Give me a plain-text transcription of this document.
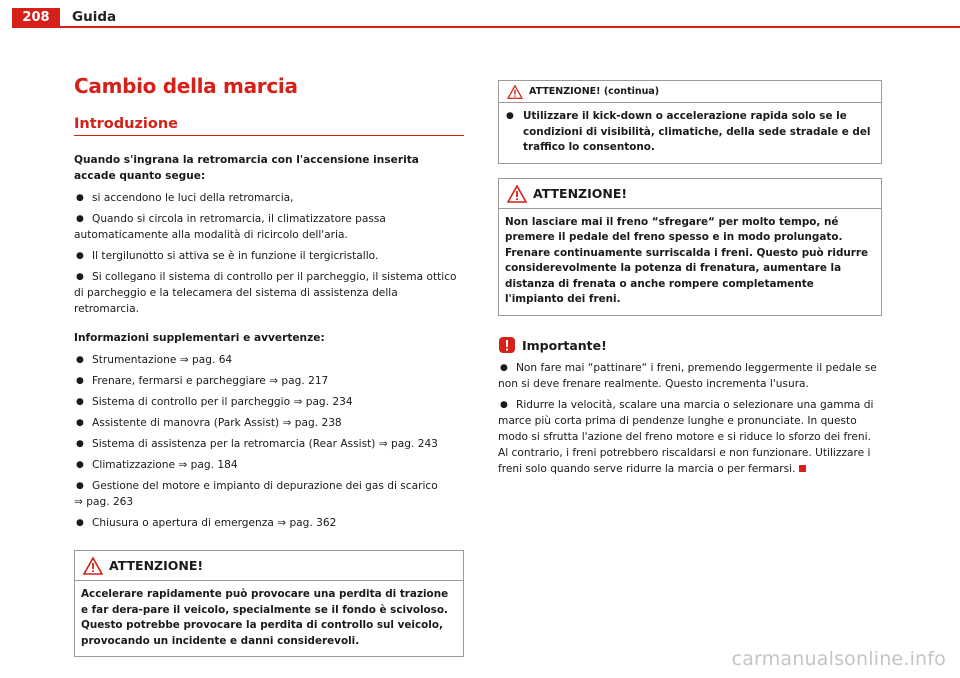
208	Guida
Cambio della marcia
Introduzione
Quando s'ingrana la retromarcia con l'accensione inserita accade quanto segue:
● si accendono le luci della retromarcia,
● Quando si circola in retromarcia, il climatizzatore passa automaticamente alla modalità di ricircolo dell'aria.
● Il tergilunotto si attiva se è in funzione il tergicristallo.
● Si collegano il sistema di controllo per il parcheggio, il sistema ottico di parcheggio e la telecamera del sistema di assistenza della retromarcia.
Informazioni supplementari e avvertenze:
● Strumentazione ⇒ pag. 64
● Frenare, fermarsi e parcheggiare ⇒ pag. 217
● Sistema di controllo per il parcheggio ⇒ pag. 234
● Assistente di manovra (Park Assist) ⇒ pag. 238
● Sistema di assistenza per la retromarcia (Rear Assist) ⇒ pag. 243
● Climatizzazione ⇒ pag. 184
● Gestione del motore e impianto di depurazione dei gas di scarico
⇒ pag. 263
● Chiusura o apertura di emergenza ⇒ pag. 362
ATTENZIONE!
Accelerare rapidamente può provocare una perdita di trazione e far dera-pare il veicolo, specialmente se il fondo è scivoloso. Questo potrebbe provocare la perdita di controllo sul veicolo, provocando un incidente e danni considerevoli.
ATTENZIONE! (continua)
● Utilizzare il kick-down o accelerazione rapida solo se le condizioni di visibilità, climatiche, della sede stradale e del traffico lo consentono.
ATTENZIONE!
Non lasciare mai il freno “sfregare“ per molto tempo, né premere il pedale del freno spesso e in modo prolungato. Frenare continuamente surriscalda i freni. Questo può ridurre considerevolmente la potenza di frenatura, aumentare la distanza di frenata o anche rompere completamente l'impianto dei freni.
Importante!
● Non fare mai “pattinare“ i freni, premendo leggermente il pedale se non si deve frenare realmente. Questo incrementa l'usura.
● Ridurre la velocità, scalare una marcia o selezionare una gamma di marce più corta prima di pendenze lunghe e pronunciate. In questo modo si sfrutta l'azione del freno motore e si riduce lo sforzo dei freni. Al contrario, i freni potrebbero riscaldarsi e non funzionare. Utilizzare i freni solo quando serve ridurre la marcia o per fermarsi.
carmanualsonline.info
